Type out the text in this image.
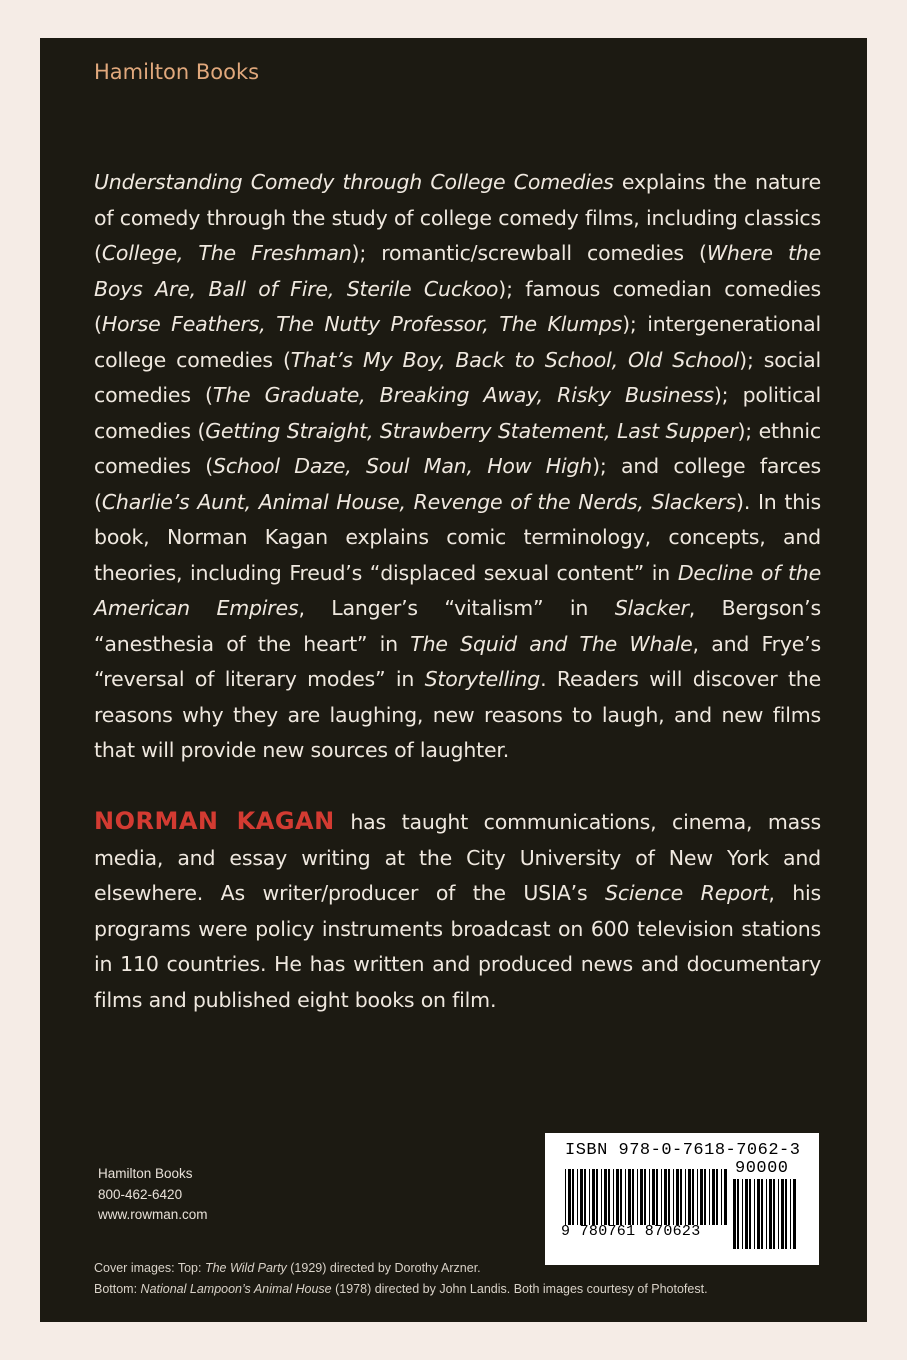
Hamilton Books
Understanding Comedy through College Comedies explains the nature of comedy through the study of college comedy films, including classics (College, The Freshman); romantic/screwball comedies (Where the Boys Are, Ball of Fire, Sterile Cuckoo); famous comedian comedies (Horse Feathers, The Nutty Professor, The Klumps); intergenerational college comedies (That’s My Boy, Back to School, Old School); social comedies (The Graduate, Breaking Away, Risky Business); political comedies (Getting Straight, Strawberry Statement, Last Supper); ethnic comedies (School Daze, Soul Man, How High); and college farces (Charlie’s Aunt, Animal House, Revenge of the Nerds, Slackers). In this book, Norman Kagan explains comic terminology, concepts, and theories, including Freud’s “displaced sexual content” in Decline of the American Empires, Langer’s “vitalism” in Slacker, Bergson’s “anesthesia of the heart” in The Squid and The Whale, and Frye’s “reversal of literary modes” in Storytelling. Readers will discover the reasons why they are laughing, new reasons to laugh, and new films that will provide new sources of laughter.
NORMAN KAGAN has taught communications, cinema, mass media, and essay writing at the City University of New York and elsewhere. As writer/producer of the USIA’s Science Report, his programs were policy instruments broadcast on 600 television stations in 110 countries. He has written and produced news and documentary films and published eight books on film.
Hamilton Books
800-462-6420
www.rowman.com
ISBN 978-0-7618-7062-3
9 780761 870623
90000
Cover images: Top: The Wild Party (1929) directed by Dorothy Arzner.
Bottom: National Lampoon’s Animal House (1978) directed by John Landis. Both images courtesy of Photofest.
